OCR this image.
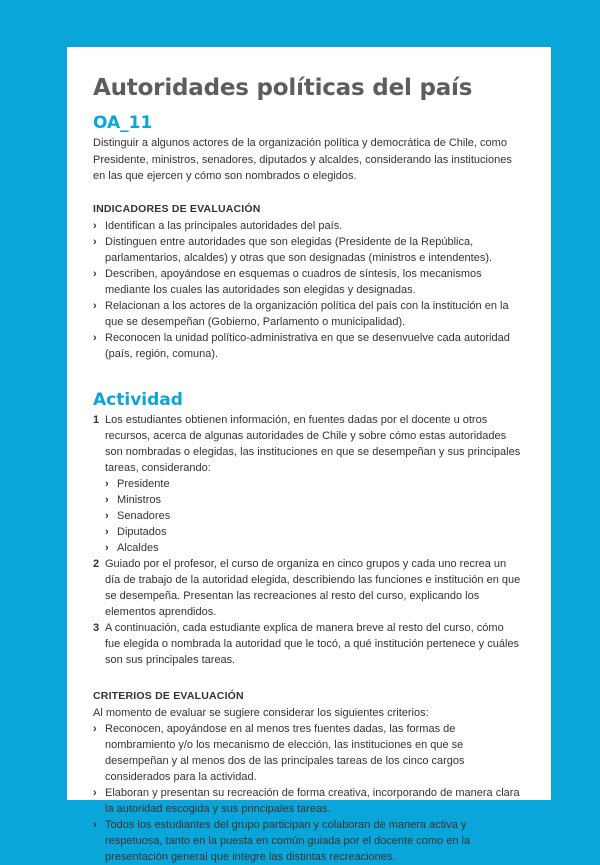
Autoridades políticas del país
OA_11

Distinguir a algunos actores de la organización política y democrática de Chile, como Presidente, ministros, senadores, diputados y alcaldes, considerando las instituciones en las que ejercen y cómo son nombrados o elegidos.

INDICADORES DE EVALUACIÓN
› Identifican a las principales autoridades del país.
› Distinguen entre autoridades que son elegidas (Presidente de la República, parlamentarios, alcaldes) y otras que son designadas (ministros e intendentes).
› Describen, apoyándose en esquemas o cuadros de síntesis, los mecanismos mediante los cuales las autoridades son elegidas y designadas.
› Relacionan a los actores de la organización política del país con la institución en la que se desempeñan (Gobierno, Parlamento o municipalidad).
› Reconocen la unidad político-administrativa en que se desenvuelve cada autoridad (país, región, comuna).
Actividad
1 Los estudiantes obtienen información, en fuentes dadas por el docente u otros recursos, acerca de algunas autoridades de Chile y sobre cómo estas autoridades son nombradas o elegidas, las instituciones en que se desempeñan y sus principales tareas, considerando:
› Presidente
› Ministros
› Senadores
› Diputados
› Alcaldes
2 Guiado por el profesor, el curso de organiza en cinco grupos y cada uno recrea un día de trabajo de la autoridad elegida, describiendo las funciones e institución en que se desempeña. Presentan las recreaciones al resto del curso, explicando los elementos aprendidos.
3 A continuación, cada estudiante explica de manera breve al resto del curso, cómo fue elegida o nombrada la autoridad que le tocó, a qué institución pertenece y cuáles son sus principales tareas.
CRITERIOS DE EVALUACIÓN

Al momento de evaluar se sugiere considerar los siguientes criterios:

› Reconocen, apoyándose en al menos tres fuentes dadas, las formas de nombramiento y/o los mecanismo de elección, las instituciones en que se desempeñan y al menos dos de las principales tareas de los cinco cargos considerados para la actividad.
› Elaboran y presentan su recreación de forma creativa, incorporando de manera clara la autoridad escogida y sus principales tareas.
› Todos los estudiantes del grupo participan y colaboran de manera activa y respetuosa, tanto en la puesta en común guiada por el docente como en la presentación general que integre las distintas recreaciones.
